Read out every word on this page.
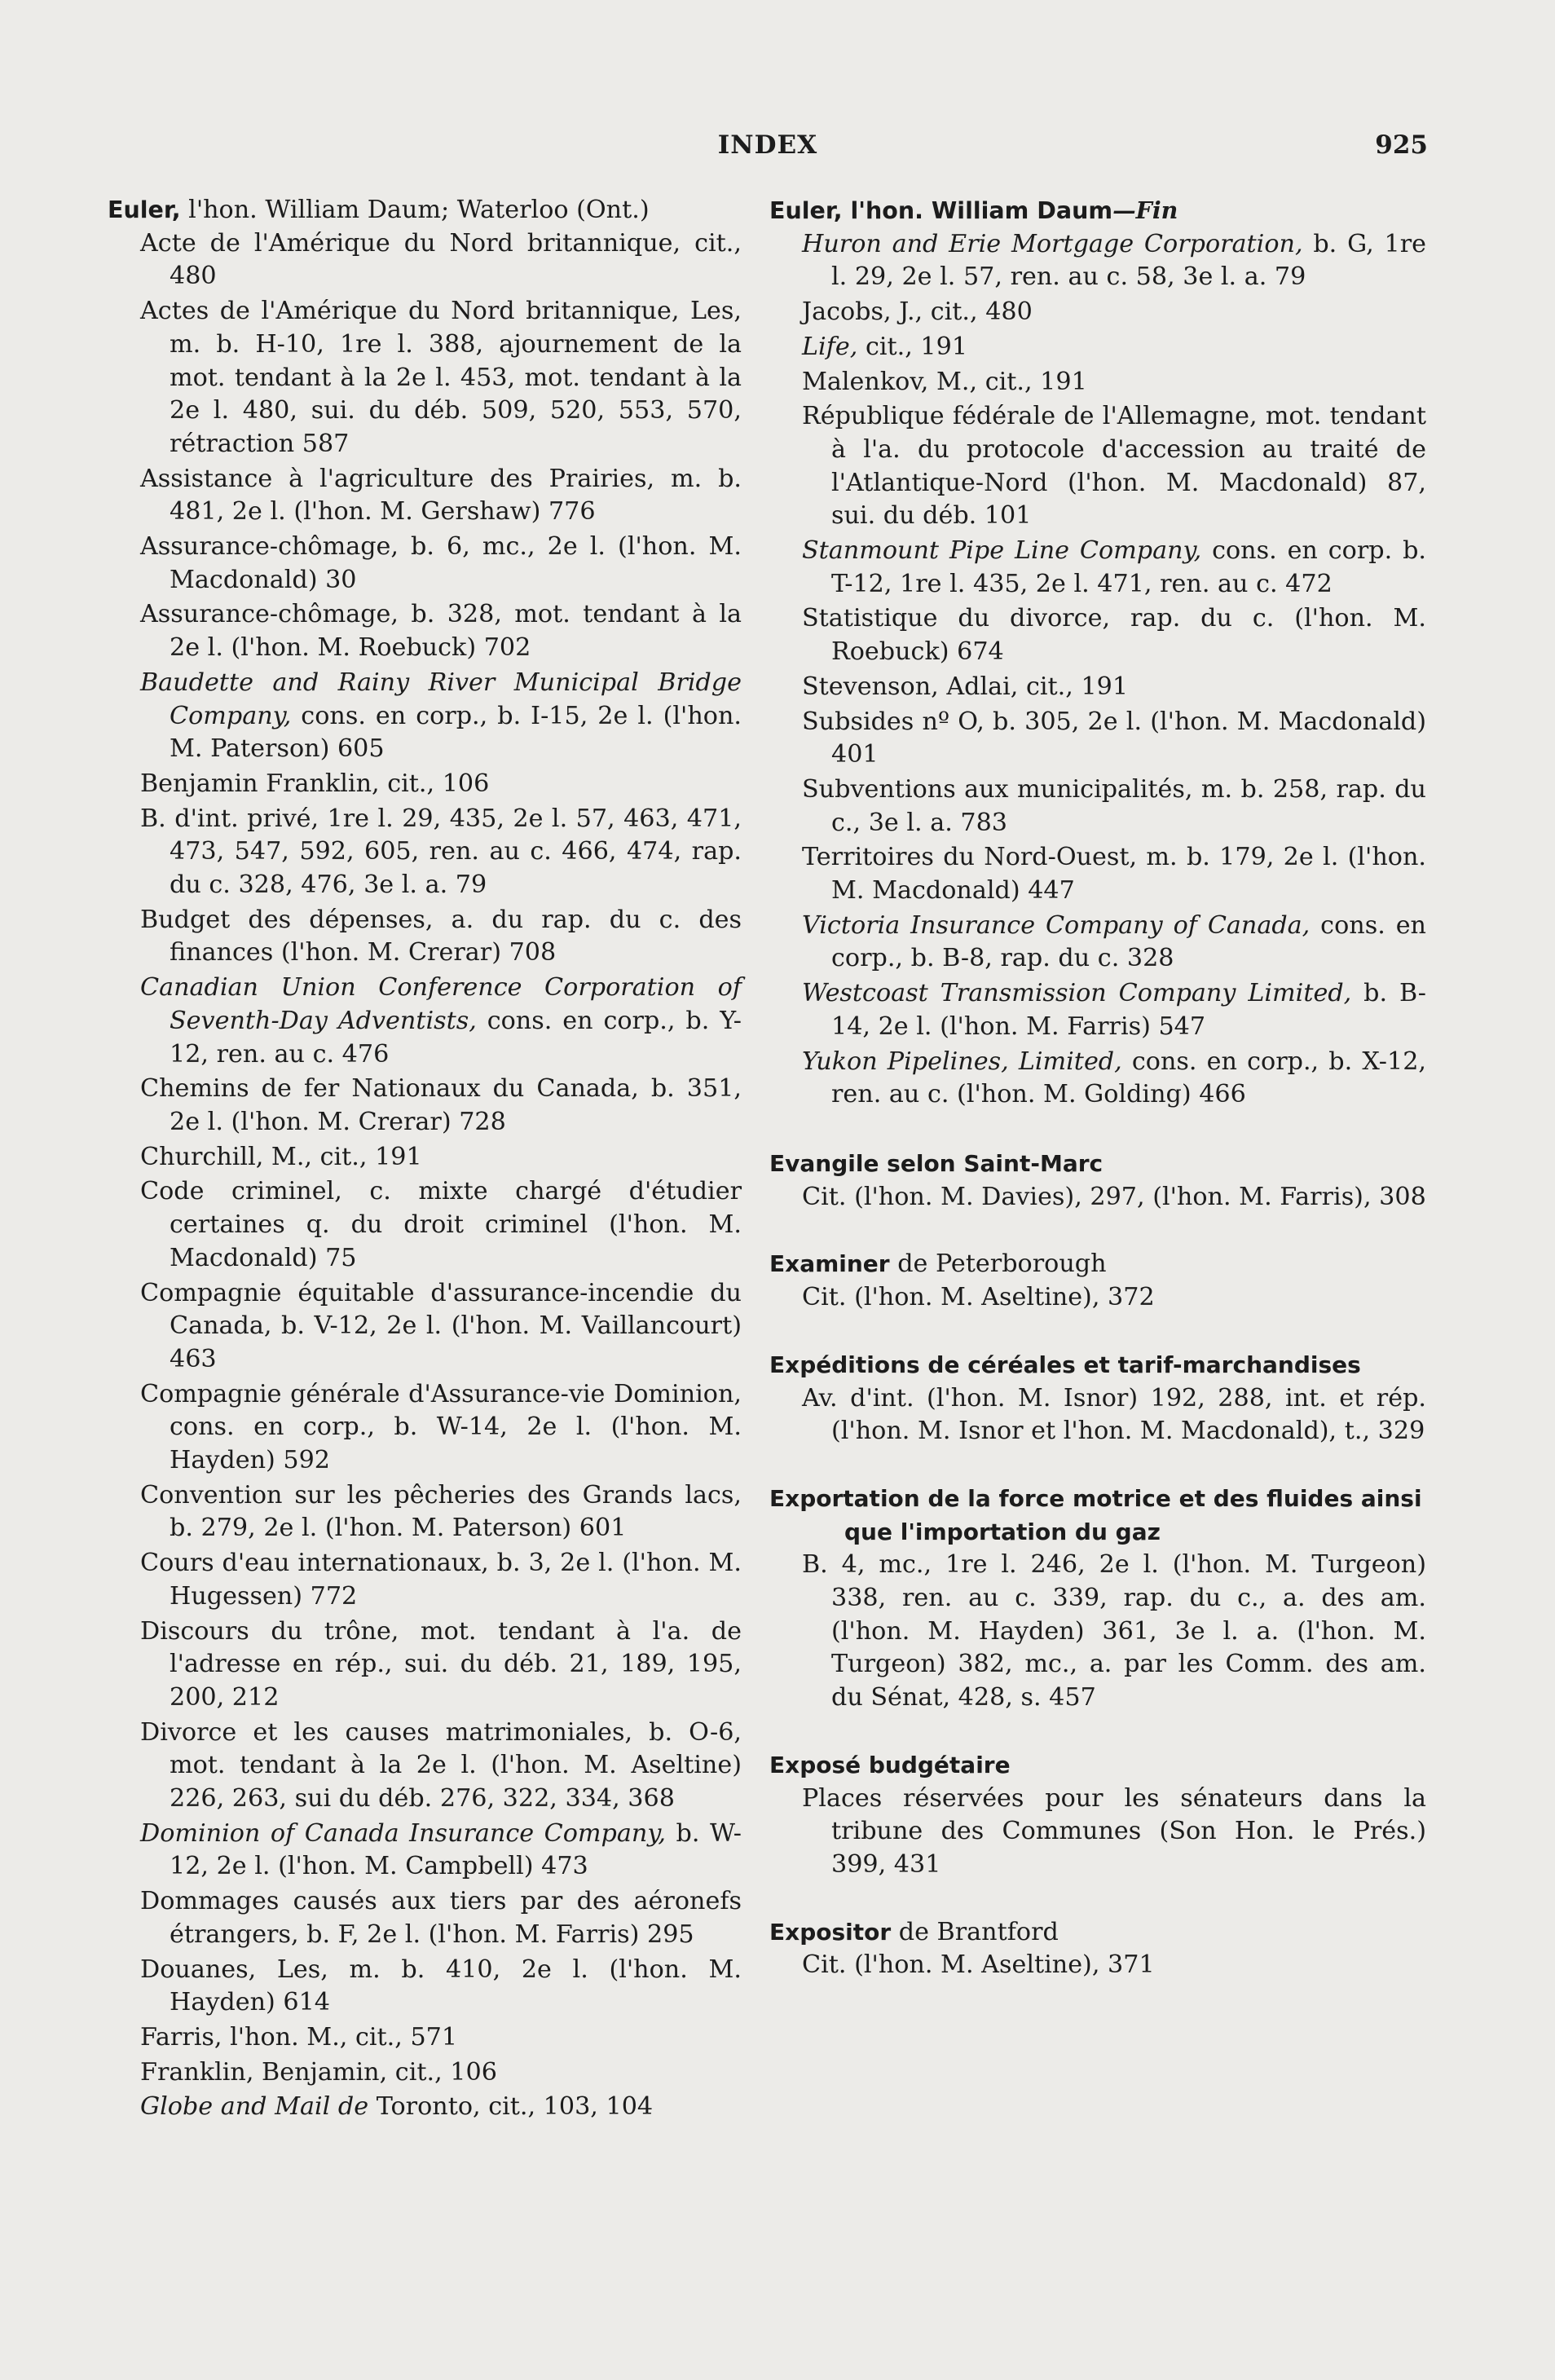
INDEX	925

Euler, l'hon. William Daum; Waterloo (Ont.)

Acte de l'Amérique du Nord britannique, cit., 480

Actes de l'Amérique du Nord britannique, Les, m. b. H-10, 1re l. 388, ajournement de la mot. tendant à la 2e l. 453, mot. tendant à la 2e l. 480, sui. du déb. 509, 520, 553, 570, rétraction 587

Assistance à l'agriculture des Prairies, m. b. 481, 2e l. (l'hon. M. Gershaw) 776

Assurance-chômage, b. 6, mc., 2e l. (l'hon. M. Macdonald) 30

Assurance-chômage, b. 328, mot. tendant à la 2e l. (l'hon. M. Roebuck) 702

Baudette and Rainy River Municipal Bridge Company, cons. en corp., b. I-15, 2e l. (l'hon. M. Paterson) 605

Benjamin Franklin, cit., 106

B. d'int. privé, 1re l. 29, 435, 2e l. 57, 463, 471, 473, 547, 592, 605, ren. au c. 466, 474, rap. du c. 328, 476, 3e l. a. 79

Budget des dépenses, a. du rap. du c. des finances (l'hon. M. Crerar) 708

Canadian Union Conference Corporation of Seventh-Day Adventists, cons. en corp., b. Y-12, ren. au c. 476

Chemins de fer Nationaux du Canada, b. 351, 2e l. (l'hon. M. Crerar) 728

Churchill, M., cit., 191

Code criminel, c. mixte chargé d'étudier certaines q. du droit criminel (l'hon. M. Macdonald) 75

Compagnie équitable d'assurance-incendie du Canada, b. V-12, 2e l. (l'hon. M. Vaillancourt) 463

Compagnie générale d'Assurance-vie Dominion, cons. en corp., b. W-14, 2e l. (l'hon. M. Hayden) 592

Convention sur les pêcheries des Grands lacs, b. 279, 2e l. (l'hon. M. Paterson) 601

Cours d'eau internationaux, b. 3, 2e l. (l'hon. M. Hugessen) 772

Discours du trône, mot. tendant à l'a. de l'adresse en rép., sui. du déb. 21, 189, 195, 200, 212

Divorce et les causes matrimoniales, b. O-6, mot. tendant à la 2e l. (l'hon. M. Aseltine) 226, 263, sui du déb. 276, 322, 334, 368

Dominion of Canada Insurance Company, b. W-12, 2e l. (l'hon. M. Campbell) 473

Dommages causés aux tiers par des aéronefs étrangers, b. F, 2e l. (l'hon. M. Farris) 295

Douanes, Les, m. b. 410, 2e l. (l'hon. M. Hayden) 614

Farris, l'hon. M., cit., 571

Franklin, Benjamin, cit., 106

Globe and Mail de Toronto, cit., 103, 104

Euler, l'hon. William Daum—Fin

Huron and Erie Mortgage Corporation, b. G, 1re l. 29, 2e l. 57, ren. au c. 58, 3e l. a. 79

Jacobs, J., cit., 480

Life, cit., 191

Malenkov, M., cit., 191

République fédérale de l'Allemagne, mot. tendant à l'a. du protocole d'accession au traité de l'Atlantique-Nord (l'hon. M. Macdonald) 87, sui. du déb. 101

Stanmount Pipe Line Company, cons. en corp. b. T-12, 1re l. 435, 2e l. 471, ren. au c. 472

Statistique du divorce, rap. du c. (l'hon. M. Roebuck) 674

Stevenson, Adlai, cit., 191

Subsides nº O, b. 305, 2e l. (l'hon. M. Macdonald) 401

Subventions aux municipalités, m. b. 258, rap. du c., 3e l. a. 783

Territoires du Nord-Ouest, m. b. 179, 2e l. (l'hon. M. Macdonald) 447

Victoria Insurance Company of Canada, cons. en corp., b. B-8, rap. du c. 328

Westcoast Transmission Company Limited, b. B-14, 2e l. (l'hon. M. Farris) 547

Yukon Pipelines, Limited, cons. en corp., b. X-12, ren. au c. (l'hon. M. Golding) 466

Evangile selon Saint-Marc

Cit. (l'hon. M. Davies), 297, (l'hon. M. Farris), 308

Examiner de Peterborough

Cit. (l'hon. M. Aseltine), 372

Expéditions de céréales et tarif-marchandises

Av. d'int. (l'hon. M. Isnor) 192, 288, int. et rép. (l'hon. M. Isnor et l'hon. M. Macdonald), t., 329

Exportation de la force motrice et des fluides ainsi que l'importation du gaz

B. 4, mc., 1re l. 246, 2e l. (l'hon. M. Turgeon) 338, ren. au c. 339, rap. du c., a. des am. (l'hon. M. Hayden) 361, 3e l. a. (l'hon. M. Turgeon) 382, mc., a. par les Comm. des am. du Sénat, 428, s. 457

Exposé budgétaire

Places réservées pour les sénateurs dans la tribune des Communes (Son Hon. le Prés.) 399, 431

Expositor de Brantford

Cit. (l'hon. M. Aseltine), 371
